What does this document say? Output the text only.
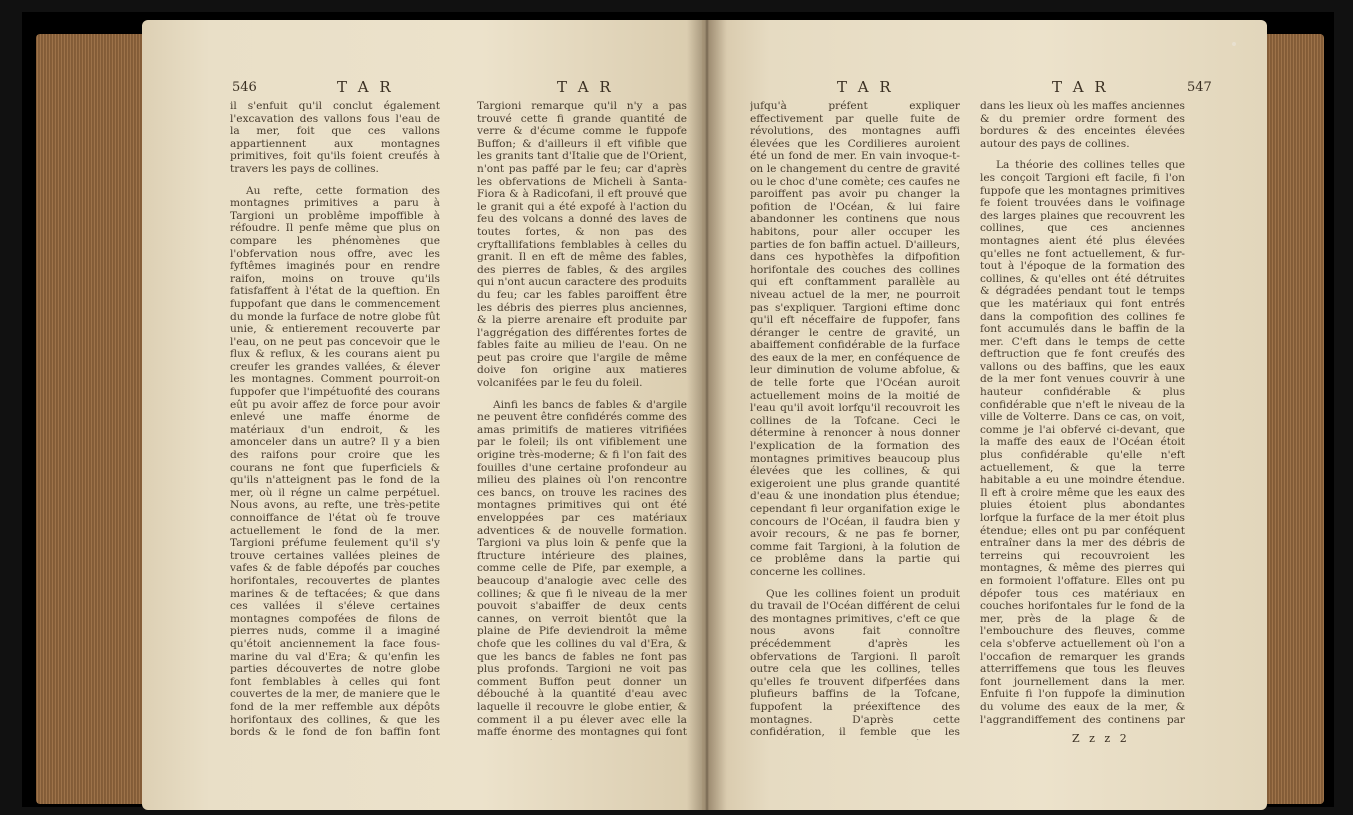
546	T A R	T A R

il s'enfuit qu'il conclut également l'excavation des vallons fous l'eau de la mer, foit que ces vallons appartiennent aux montagnes primitives, foit qu'ils foient creufés à travers les pays de collines.

Au refte, cette formation des montagnes primitives a paru à Targioni un problême impoffible à réfoudre. Il penfe même que plus on compare les phénomènes que l'obfervation nous offre, avec les fyftêmes imaginés pour en rendre raifon, moins on trouve qu'ils fatisfaffent à l'état de la queftion. En fuppofant que dans le commencement du monde la furface de notre globe fût unie, & entierement recouverte par l'eau, on ne peut pas concevoir que le flux & reflux, & les courans aient pu creufer les grandes vallées, & élever les montagnes. Comment pourroit-on fuppofer que l'impétuofité des courans eût pu avoir affez de force pour avoir enlevé une maffe énorme de matériaux d'un endroit, & les amonceler dans un autre? Il y a bien des raifons pour croire que les courans ne font que fuperficiels & qu'ils n'atteignent pas le fond de la mer, où il régne un calme perpétuel. Nous avons, au refte, une très-petite connoiffance de l'état où fe trouve actuellement le fond de la mer. Targioni préfume feulement qu'il s'y trouve certaines vallées pleines de vafes & de fable dépofés par couches horifontales, recouvertes de plantes marines & de teftacées; & que dans ces vallées il s'éleve certaines montagnes compofées de filons de pierres nuds, comme il a imaginé qu'étoit anciennement la face fous-marine du val d'Era; & qu'enfin les parties découvertes de notre globe font femblables à celles qui font couvertes de la mer, de maniere que le fond de la mer reffemble aux dépôts horifontaux des collines, & que les bords & le fond de fon baffin font

Targioni remarque qu'il n'y a pas trouvé cette fi grande quantité de verre & d'écume comme le fuppofe Buffon; & d'ailleurs il eft vifible que les granits tant d'Italie que de l'Orient, n'ont pas paffé par le feu; car d'après les obfervations de Micheli à Santa-Fiora & à Radicofani, il eft prouvé que le granit qui a été expofé à l'action du feu des volcans a donné des laves de toutes fortes, & non pas des cryftallifations femblables à celles du granit. Il en eft de même des fables, des pierres de fables, & des argiles qui n'ont aucun caractere des produits du feu; car les fables paroiffent être les débris des pierres plus anciennes, & la pierre arenaire eft produite par l'aggrégation des différentes fortes de fables faite au milieu de l'eau. On ne peut pas croire que l'argile de même doive fon origine aux matieres volcanifées par le feu du foleil.

Ainfi les bancs de fables & d'argile ne peuvent être confidérés comme des amas primitifs de matieres vitrifiées par le foleil; ils ont vifiblement une origine très-moderne; & fi l'on fait des fouilles d'une certaine profondeur au milieu des plaines où l'on rencontre ces bancs, on trouve les racines des montagnes primitives qui ont été enveloppées par ces matériaux adventices & de nouvelle formation. Targioni va plus loin & penfe que la ftructure intérieure des plaines, comme celle de Pife, par exemple, a beaucoup d'analogie avec celle des collines; & que fi le niveau de la mer pouvoit s'abaiffer de deux cents cannes, on verroit bientôt que la plaine de Pife deviendroit la même chofe que les collines du val d'Era, & que les bancs de fables ne font pas plus profonds. Targioni ne voit pas comment Buffon peut donner un débouché à la quantité d'eau avec laquelle il recouvre le globe entier, & comment il a pu élever avec elle la maffe énorme des montagnes qui font

T A R	T A R	547

jufqu'à préfent expliquer effectivement par quelle fuite de révolutions, des montagnes auffi élevées que les Cordilieres auroient été un fond de mer. En vain invoque-t-on le changement du centre de gravité ou le choc d'une comète; ces caufes ne paroiffent pas avoir pu changer la pofition de l'Océan, & lui faire abandonner les continens que nous habitons, pour aller occuper les parties de fon baffin actuel. D'ailleurs, dans ces hypothèfes la difpofition horifontale des couches des collines qui eft conftamment parallèle au niveau actuel de la mer, ne pourroit pas s'expliquer. Targioni eftime donc qu'il eft néceffaire de fuppofer, fans déranger le centre de gravité, un abaiffement confidérable de la furface des eaux de la mer, en conféquence de leur diminution de volume abfolue, & de telle forte que l'Océan auroit actuellement moins de la moitié de l'eau qu'il avoit lorfqu'il recouvroit les collines de la Tofcane. Ceci le détermine à renoncer à nous donner l'explication de la formation des montagnes primitives beaucoup plus élevées que les collines, & qui exigeroient une plus grande quantité d'eau & une inondation plus étendue; cependant fi leur organifation exige le concours de l'Océan, il faudra bien y avoir recours, & ne pas fe borner, comme fait Targioni, à la folution de ce problême dans la partie qui concerne les collines.

Que les collines foient un produit du travail de l'Océan différent de celui des montagnes primitives, c'eft ce que nous avons fait connoître précédemment d'après les obfervations de Targioni. Il paroît outre cela que les collines, telles qu'elles fe trouvent difperfées dans plufieurs baffins de la Tofcane, fuppofent la préexiftence des montagnes. D'après cette confidération, il femble que les

dans les lieux où les maffes anciennes & du premier ordre forment des bordures & des enceintes élevées autour des pays de collines.

La théorie des collines telles que les conçoit Targioni eft facile, fi l'on fuppofe que les montagnes primitives fe foient trouvées dans le voifinage des larges plaines que recouvrent les collines, que ces anciennes montagnes aient été plus élevées qu'elles ne font actuellement, & fur-tout à l'époque de la formation des collines, & qu'elles ont été détruites & dégradées pendant tout le temps que les matériaux qui font entrés dans la compofition des collines fe font accumulés dans le baffin de la mer. C'eft dans le temps de cette deftruction que fe font creufés des vallons ou des baffins, que les eaux de la mer font venues couvrir à une hauteur confidérable & plus confidérable que n'eft le niveau de la ville de Volterre. Dans ce cas, on voit, comme je l'ai obfervé ci-devant, que la maffe des eaux de l'Océan étoit plus confidérable qu'elle n'eft actuellement, & que la terre habitable a eu une moindre étendue. Il eft à croire même que les eaux des pluies étoient plus abondantes lorfque la furface de la mer étoit plus étendue; elles ont pu par conféquent entraîner dans la mer des débris de terreins qui recouvroient les montagnes, & même des pierres qui en formoient l'offature. Elles ont pu dépofer tous ces matériaux en couches horifontales fur le fond de la mer, près de la plage & de l'embouchure des fleuves, comme cela s'obferve actuellement où l'on a l'occafion de remarquer les grands atterriffemens que tous les fleuves font journellement dans la mer. Enfuite fi l'on fuppofe la diminution du volume des eaux de la mer, & l'aggrandiffement des continens par

Z z z 2
